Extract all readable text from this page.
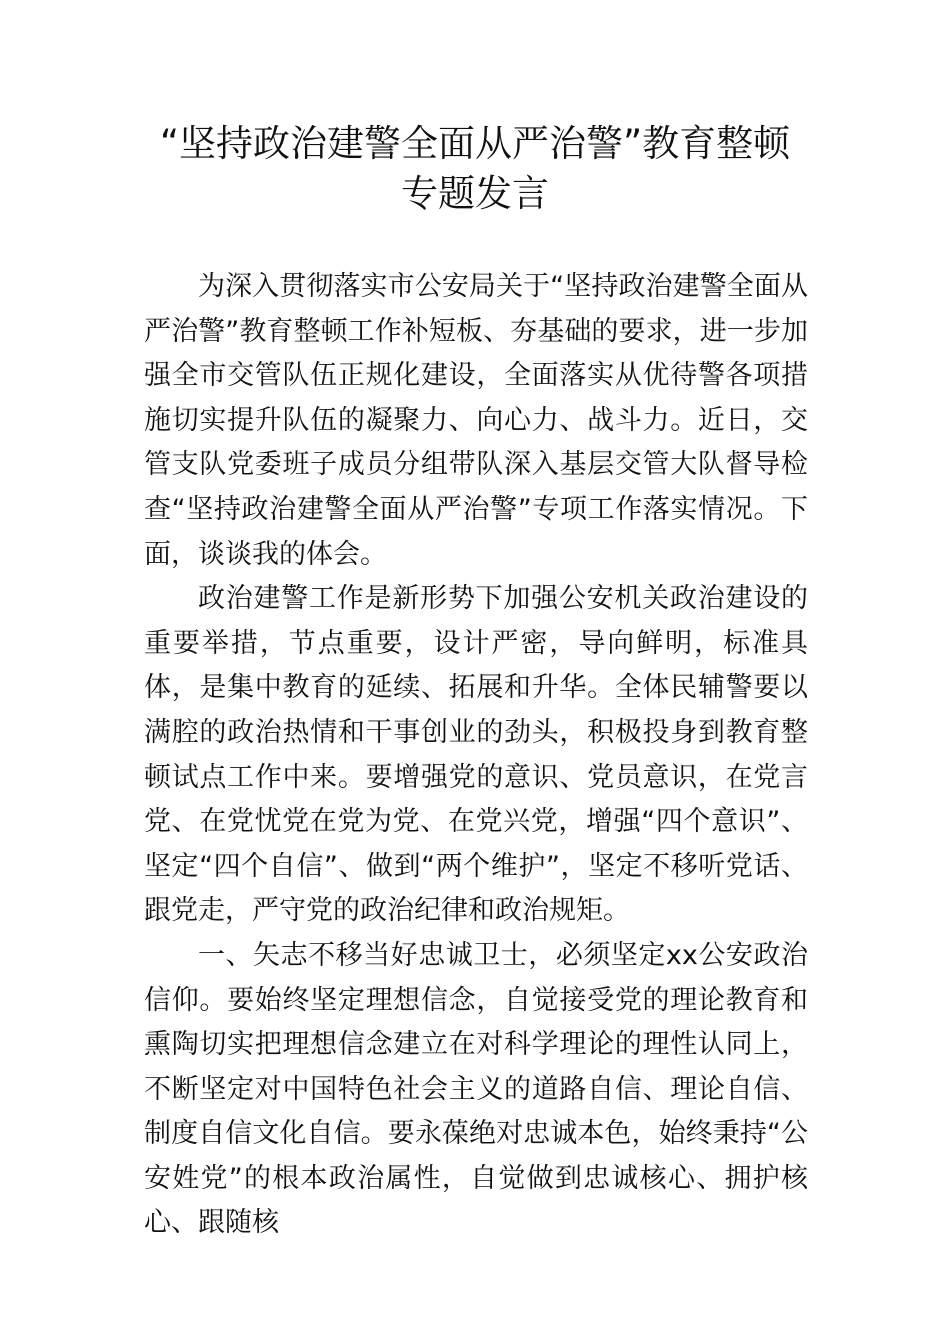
“坚持政治建警全面从严治警”教育整顿
专题发言

为深入贯彻落实市公安局关于“坚持政治建警全面从严治警”教育整顿工作补短板、夯基础的要求，进一步加强全市交管队伍正规化建设，全面落实从优待警各项措施切实提升队伍的凝聚力、向心力、战斗力。近日，交管支队党委班子成员分组带队深入基层交管大队督导检查“坚持政治建警全面从严治警”专项工作落实情况。下面，谈谈我的体会。

政治建警工作是新形势下加强公安机关政治建设的重要举措，节点重要，设计严密，导向鲜明，标准具体，是集中教育的延续、拓展和升华。全体民辅警要以满腔的政治热情和干事创业的劲头，积极投身到教育整顿试点工作中来。要增强党的意识、党员意识，在党言党、在党忧党在党为党、在党兴党，增强“四个意识”、坚定“四个自信”、做到“两个维护”，坚定不移听党话、跟党走，严守党的政治纪律和政治规矩。

一、矢志不移当好忠诚卫士，必须坚定xx公安政治信仰。要始终坚定理想信念，自觉接受党的理论教育和熏陶切实把理想信念建立在对科学理论的理性认同上，不断坚定对中国特色社会主义的道路自信、理论自信、制度自信文化自信。要永葆绝对忠诚本色，始终秉持“公安姓党”的根本政治属性，自觉做到忠诚核心、拥护核心、跟随核
